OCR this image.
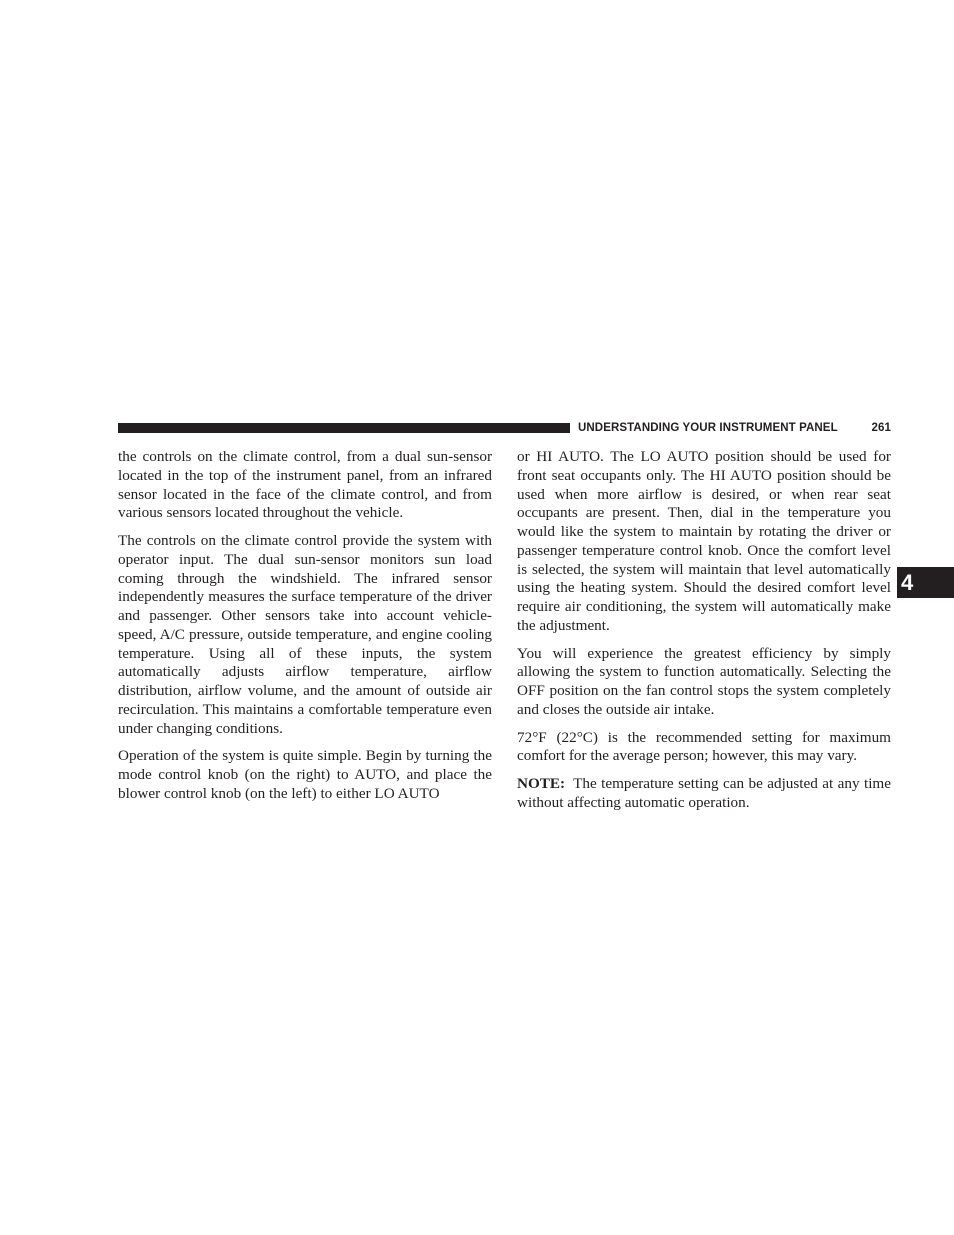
UNDERSTANDING YOUR INSTRUMENT PANEL	261

the controls on the climate control, from a dual sun-sensor located in the top of the instrument panel, from an infrared sensor located in the face of the climate control, and from various sensors located throughout the vehicle.

The controls on the climate control provide the system with operator input. The dual sun-sensor monitors sun load coming through the windshield. The infrared sensor independently measures the surface temperature of the driver and passenger. Other sensors take into account vehicle-speed, A/C pressure, outside temperature, and engine cooling temperature. Using all of these inputs, the system automatically adjusts airflow temperature, airflow distribution, airflow volume, and the amount of outside air recirculation. This maintains a comfortable temperature even under changing conditions.

Operation of the system is quite simple. Begin by turning the mode control knob (on the right) to AUTO, and place the blower control knob (on the left) to either LO AUTO

or HI AUTO. The LO AUTO position should be used for front seat occupants only. The HI AUTO position should be used when more airflow is desired, or when rear seat occupants are present. Then, dial in the temperature you would like the system to maintain by rotating the driver or passenger temperature control knob. Once the comfort level is selected, the system will maintain that level automatically using the heating system. Should the desired comfort level require air conditioning, the system will automatically make the adjustment.

You will experience the greatest efficiency by simply allowing the system to function automatically. Selecting the OFF position on the fan control stops the system completely and closes the outside air intake.

72°F (22°C) is the recommended setting for maximum comfort for the average person; however, this may vary.

NOTE: The temperature setting can be adjusted at any time without affecting automatic operation.

4
